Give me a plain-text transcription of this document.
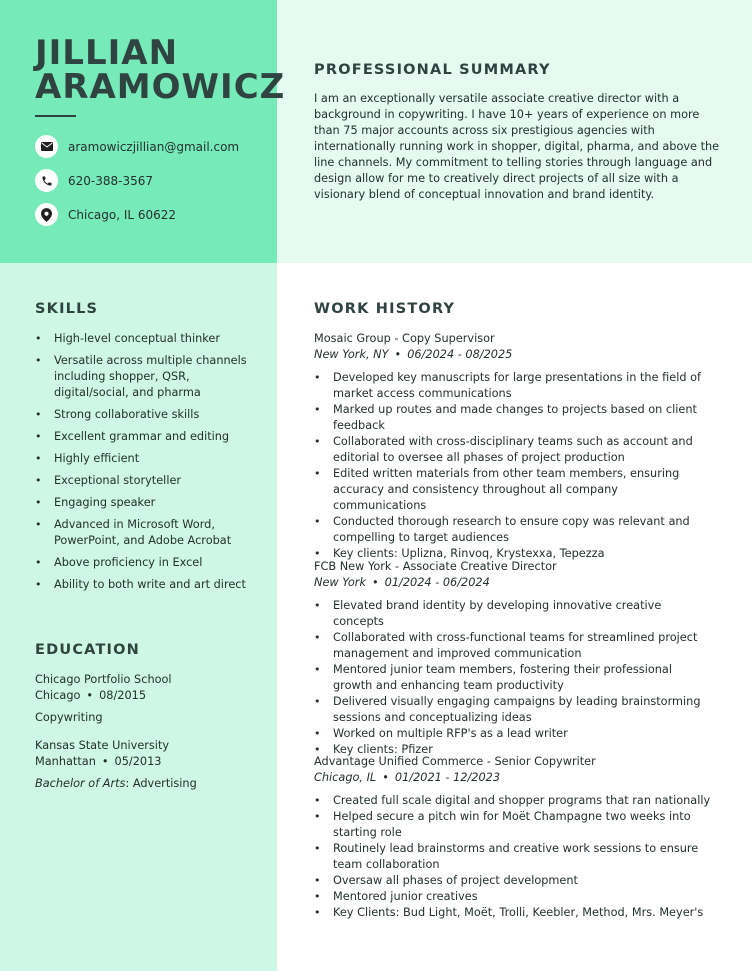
JILLIAN
ARAMOWICZ
aramowiczjillian@gmail.com
620-388-3567
Chicago, IL 60622
PROFESSIONAL SUMMARY
I am an exceptionally versatile associate creative director with a background in copywriting. I have 10+ years of experience on more than 75 major accounts across six prestigious agencies with internationally running work in shopper, digital, pharma, and above the line channels. My commitment to telling stories through language and design allow for me to creatively direct projects of all size with a visionary blend of conceptual innovation and brand identity.
SKILLS
• High-level conceptual thinker
• Versatile across multiple channels including shopper, QSR, digital/social, and pharma
• Strong collaborative skills
• Excellent grammar and editing
• Highly efficient
• Exceptional storyteller
• Engaging speaker
• Advanced in Microsoft Word, PowerPoint, and Adobe Acrobat
• Above proficiency in Excel
• Ability to both write and art direct
EDUCATION
Chicago Portfolio School
Chicago • 08/2015
Copywriting
Kansas State University
Manhattan • 05/2013
Bachelor of Arts: Advertising
WORK HISTORY
Mosaic Group - Copy Supervisor
New York, NY • 06/2024 - 08/2025
• Developed key manuscripts for large presentations in the field of market access communications
• Marked up routes and made changes to projects based on client feedback
• Collaborated with cross-disciplinary teams such as account and editorial to oversee all phases of project production
• Edited written materials from other team members, ensuring accuracy and consistency throughout all company communications
• Conducted thorough research to ensure copy was relevant and compelling to target audiences
• Key clients: Uplizna, Rinvoq, Krystexxa, Tepezza
FCB New York - Associate Creative Director
New York • 01/2024 - 06/2024
• Elevated brand identity by developing innovative creative concepts
• Collaborated with cross-functional teams for streamlined project management and improved communication
• Mentored junior team members, fostering their professional growth and enhancing team productivity
• Delivered visually engaging campaigns by leading brainstorming sessions and conceptualizing ideas
• Worked on multiple RFP's as a lead writer
• Key clients: Pfizer
Advantage Unified Commerce - Senior Copywriter
Chicago, IL • 01/2021 - 12/2023
• Created full scale digital and shopper programs that ran nationally
• Helped secure a pitch win for Moët Champagne two weeks into starting role
• Routinely lead brainstorms and creative work sessions to ensure team collaboration
• Oversaw all phases of project development
• Mentored junior creatives
• Key Clients: Bud Light, Moët, Trolli, Keebler, Method, Mrs. Meyer's
